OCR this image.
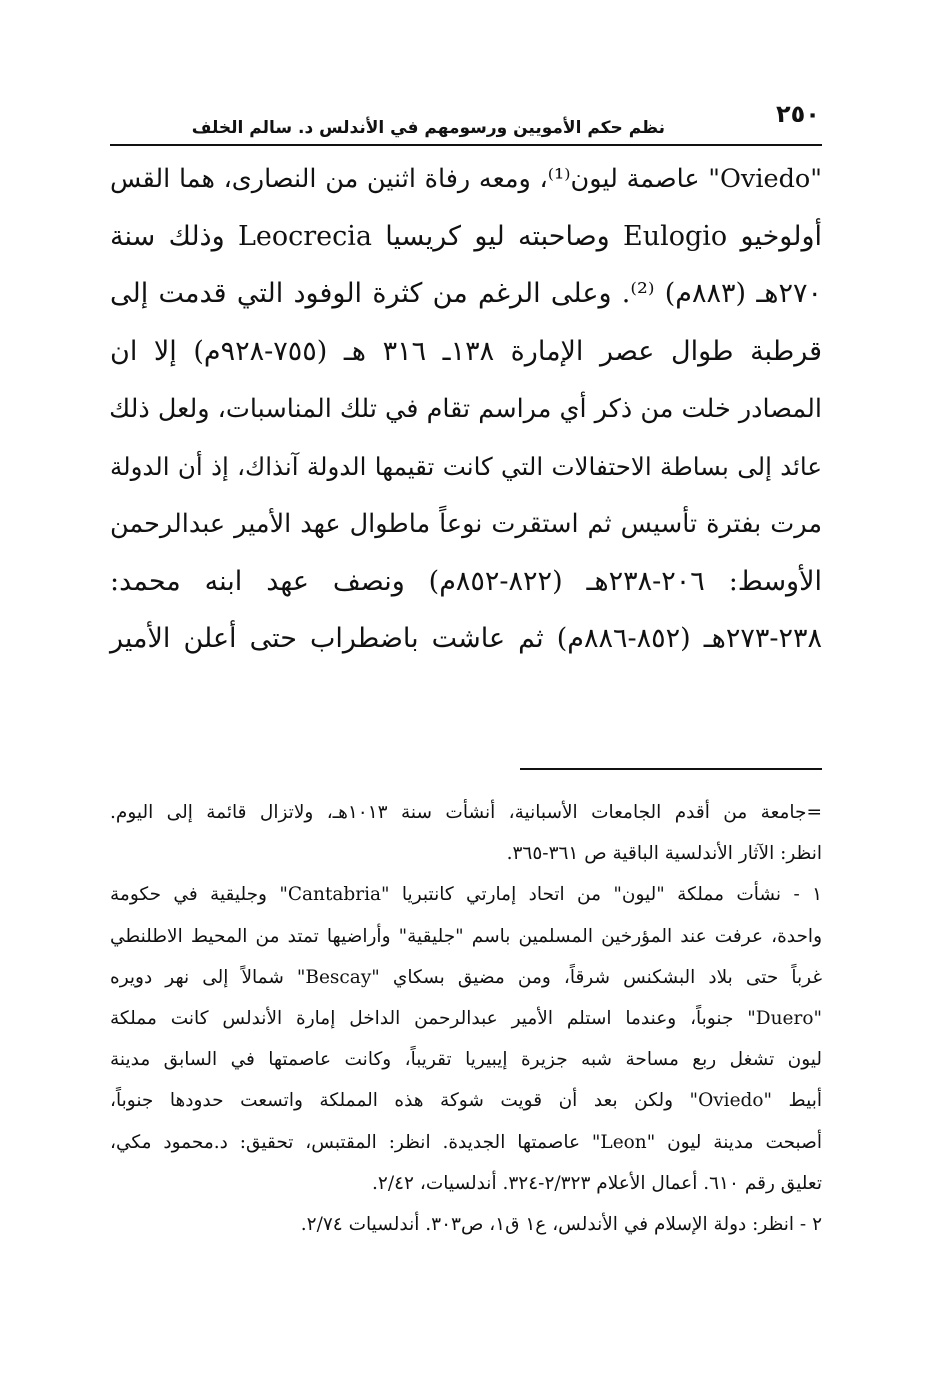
٢٥٠
نظم حكم الأمويين ورسومهم في الأندلس د. سالم الخلف
"Oviedo" عاصمة ليون⁽¹⁾، ومعه رفاة اثنين من النصارى، هما القس
أولوخيو Eulogio وصاحبته ليو كريسيا Leocrecia وذلك سنة
٢٧٠هـ (٨٨٣م) ⁽²⁾. وعلى الرغم من كثرة الوفود التي قدمت إلى
قرطبة طوال عصر الإمارة ١٣٨ـ ٣١٦ هـ (٧٥٥-٩٢٨م) إلا ان
المصادر خلت من ذكر أي مراسم تقام في تلك المناسبات، ولعل ذلك
عائد إلى بساطة الاحتفالات التي كانت تقيمها الدولة آنذاك، إذ أن الدولة
مرت بفترة تأسيس ثم استقرت نوعاً ماطوال عهد الأمير عبدالرحمن
الأوسط: ٢٠٦-٢٣٨هـ (٨٢٢-٨٥٢م) ونصف عهد ابنه محمد:
٢٣٨-٢٧٣هـ (٨٥٢-٨٨٦م) ثم عاشت باضطراب حتى أعلن الأمير
=جامعة من أقدم الجامعات الأسبانية، أنشأت سنة ١٠١٣هـ، ولاتزال قائمة إلى اليوم.
انظر: الآثار الأندلسية الباقية ص ٣٦١-٣٦٥.
١ - نشأت مملكة "ليون" من اتحاد إمارتي كانتبريا "Cantabria" وجليقية في حكومة
واحدة، عرفت عند المؤرخين المسلمين باسم "جليقية" وأراضيها تمتد من المحيط الاطلنطي
غرباً حتى بلاد البشكنس شرقاً، ومن مضيق بسكاي "Bescay" شمالاً إلى نهر دويره
"Duero" جنوباً، وعندما استلم الأمير عبدالرحمن الداخل إمارة الأندلس كانت مملكة
ليون تشغل ربع مساحة شبه جزيرة إيبيريا تقريباً، وكانت عاصمتها في السابق مدينة
أبيط "Oviedo" ولكن بعد أن قويت شوكة هذه المملكة واتسعت حدودها جنوباً،
أصبحت مدينة ليون "Leon" عاصمتها الجديدة. انظر: المقتبس، تحقيق: د.محمود مكي،
تعليق رقم ٦١٠. أعمال الأعلام ٢/٣٢٣-٣٢٤. أندلسيات، ٢/٤٢.
٢ - انظر: دولة الإسلام في الأندلس، ع١ ق١، ص٣٠٣. أندلسيات ٢/٧٤.
